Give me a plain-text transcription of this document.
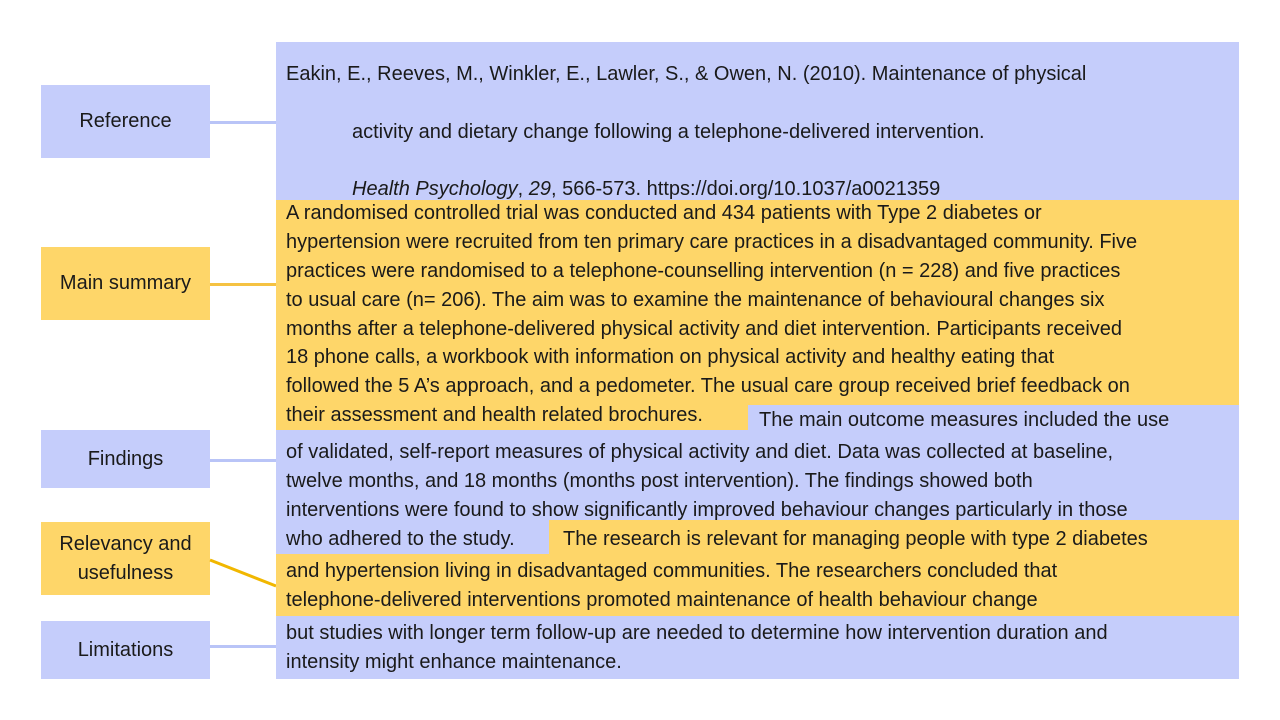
Reference
Main summary
Findings
Relevancy and
usefulness
Limitations
Eakin, E., Reeves, M., Winkler, E., Lawler, S., & Owen, N. (2010). Maintenance of physical
activity and dietary change following a telephone-delivered intervention.
Health Psychology, 29, 566-573. https://doi.org/10.1037/a0021359
A randomised controlled trial was conducted and 434 patients with Type 2 diabetes or
hypertension were recruited from ten primary care practices in a disadvantaged community. Five
practices were randomised to a telephone-counselling intervention (n = 228) and five practices
to usual care (n= 206). The aim was to examine the maintenance of behavioural changes six
months after a telephone-delivered physical activity and diet intervention. Participants received
18 phone calls, a workbook with information on physical activity and healthy eating that
followed the 5 A’s approach, and a pedometer. The usual care group received brief feedback on
their assessment and health related brochures.	The main outcome measures included the use
of validated, self-report measures of physical activity and diet. Data was collected at baseline,
twelve months, and 18 months (months post intervention). The findings showed both
interventions were found to show significantly improved behaviour changes particularly in those
who adhered to the study. The research is relevant for managing people with type 2 diabetes
and hypertension living in disadvantaged communities. The researchers concluded that
telephone-delivered interventions promoted maintenance of health behaviour change
but studies with longer term follow-up are needed to determine how intervention duration and
intensity might enhance maintenance.
